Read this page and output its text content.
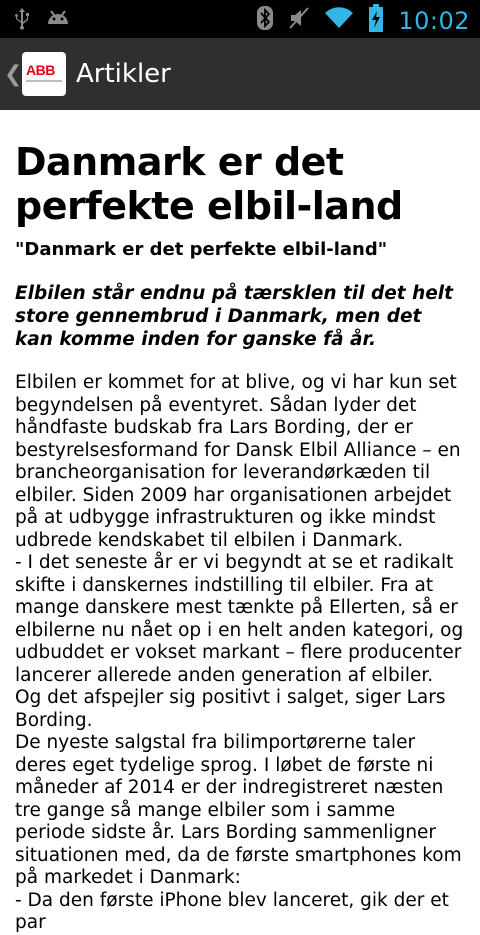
10:02
❮ ABB Artikler
Danmark er det perfekte elbil-land

"Danmark er det perfekte elbil-land"

Elbilen står endnu på tærsklen til det helt store gennembrud i Danmark, men det kan komme inden for ganske få år.

Elbilen er kommet for at blive, og vi har kun set begyndelsen på eventyret. Sådan lyder det håndfaste budskab fra Lars Bording, der er bestyrelsesformand for Dansk Elbil Alliance – en brancheorganisation for leverandørkæden til elbiler. Siden 2009 har organisationen arbejdet på at udbygge infrastrukturen og ikke mindst udbrede kendskabet til elbilen i Danmark.
- I det seneste år er vi begyndt at se et radikalt skifte i danskernes indstilling til elbiler. Fra at mange danskere mest tænkte på Ellerten, så er elbilerne nu nået op i en helt anden kategori, og udbuddet er vokset markant – flere producenter lancerer allerede anden generation af elbiler. Og det afspejler sig positivt i salget, siger Lars Bording.
De nyeste salgstal fra bilimportørerne taler deres eget tydelige sprog. I løbet de første ni måneder af 2014 er der indregistreret næsten tre gange så mange elbiler som i samme periode sidste år. Lars Bording sammenligner situationen med, da de første smartphones kom på markedet i Danmark:
- Da den første iPhone blev lanceret, gik der et par
